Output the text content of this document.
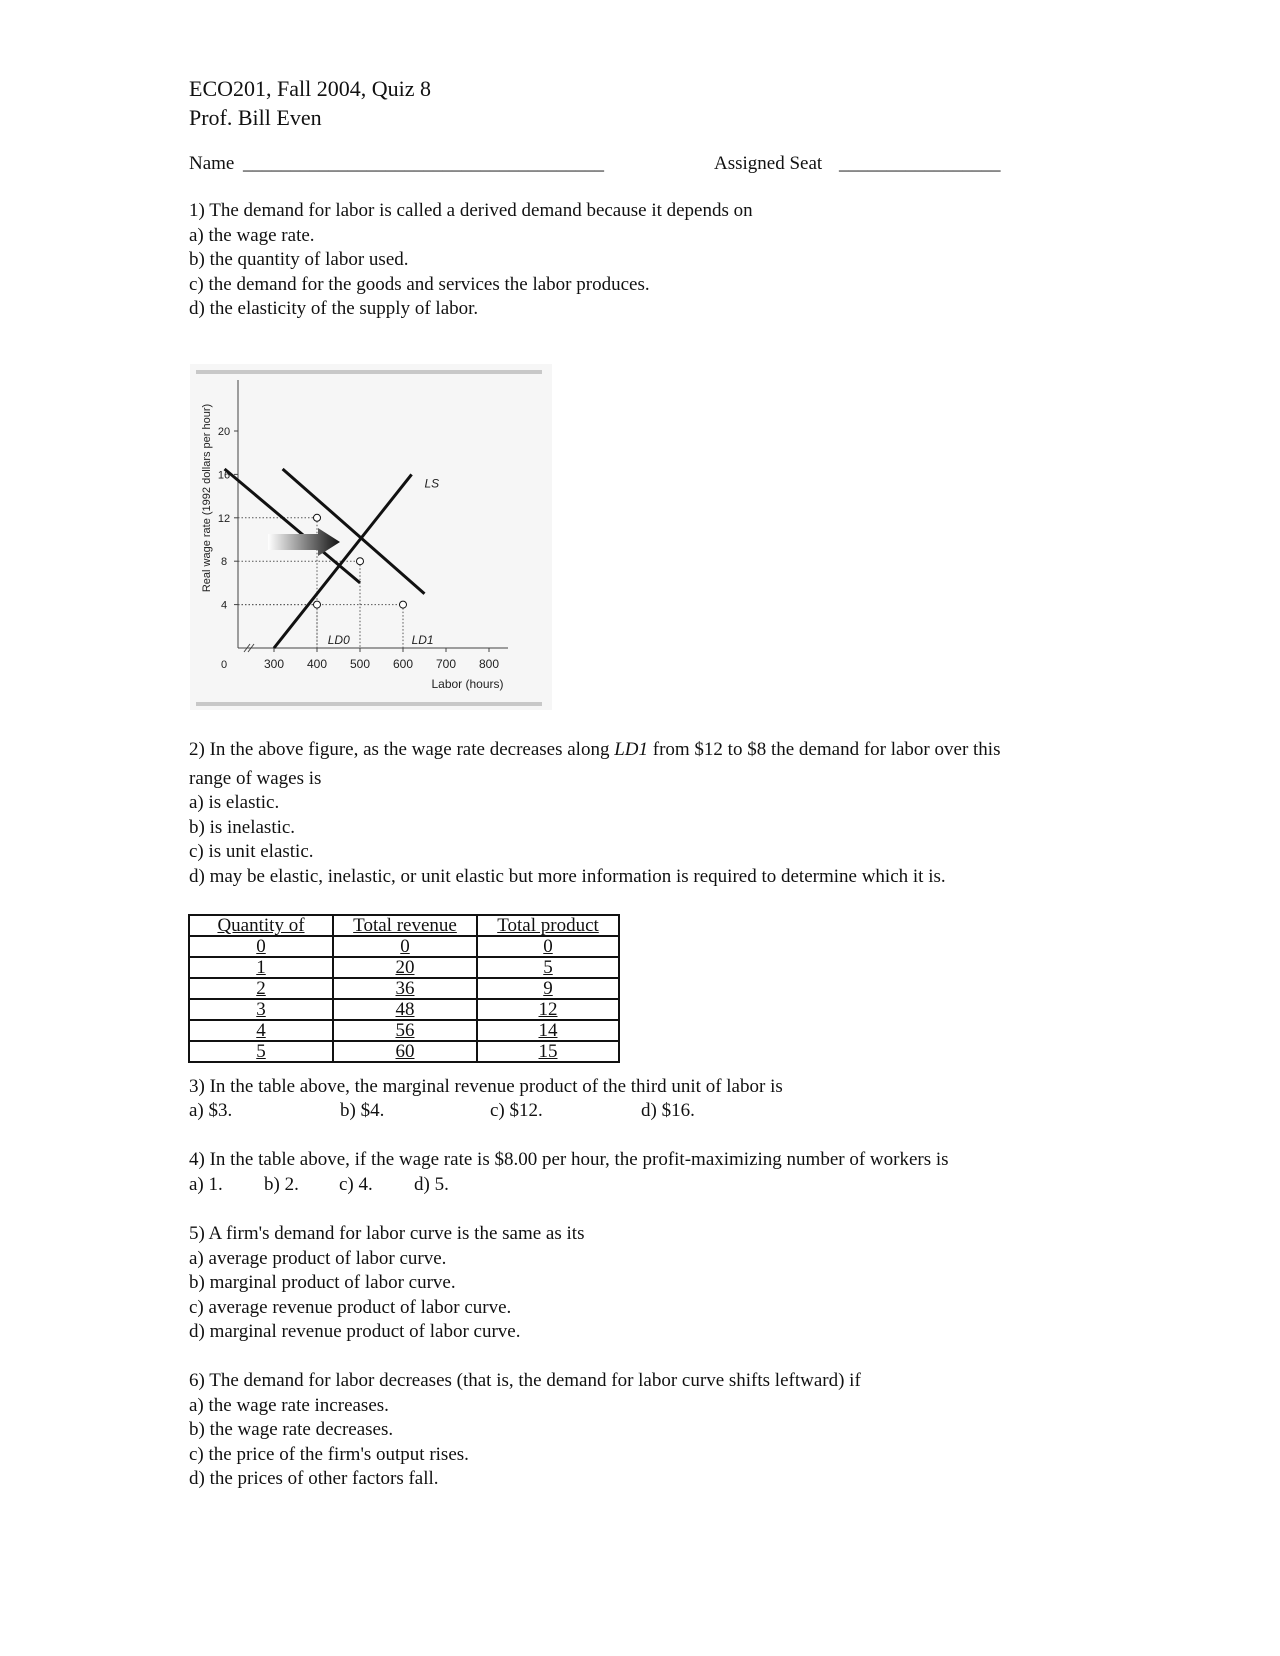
ECO201, Fall 2004, Quiz 8
Prof. Bill Even
Name ______________________________________	Assigned Seat _________________
1) The demand for labor is called a derived demand because it depends on
a) the wage rate.
b) the quantity of labor used.
c) the demand for the goods and services the labor produces.
d) the elasticity of the supply of labor.
0
4
8
12
16
20
300 400 500 600 700 800
Real wage rate (1992 dollars per hour)
Labor (hours)
LD0	LD1
LS
2) In the above figure, as the wage rate decreases along LD1 from $12 to $8 the demand for labor over this
range of wages is
a) is elastic.
b) is inelastic.
c) is unit elastic.
d) may be elastic, inelastic, or unit elastic but more information is required to determine which it is.
Quantity of	Total revenue	Total product
0	0	0
1	20	5
2	36	9
3	48	12
4	56	14
5	60	15
3) In the table above, the marginal revenue product of the third unit of labor is
a) $3.	b) $4.	c) $12.	d) $16.
4) In the table above, if the wage rate is $8.00 per hour, the profit-maximizing number of workers is
a) 1. b) 2. c) 4. d) 5.
5) A firm's demand for labor curve is the same as its
a) average product of labor curve.
b) marginal product of labor curve.
c) average revenue product of labor curve.
d) marginal revenue product of labor curve.
6) The demand for labor decreases (that is, the demand for labor curve shifts leftward) if
a) the wage rate increases.
b) the wage rate decreases.
c) the price of the firm's output rises.
d) the prices of other factors fall.
